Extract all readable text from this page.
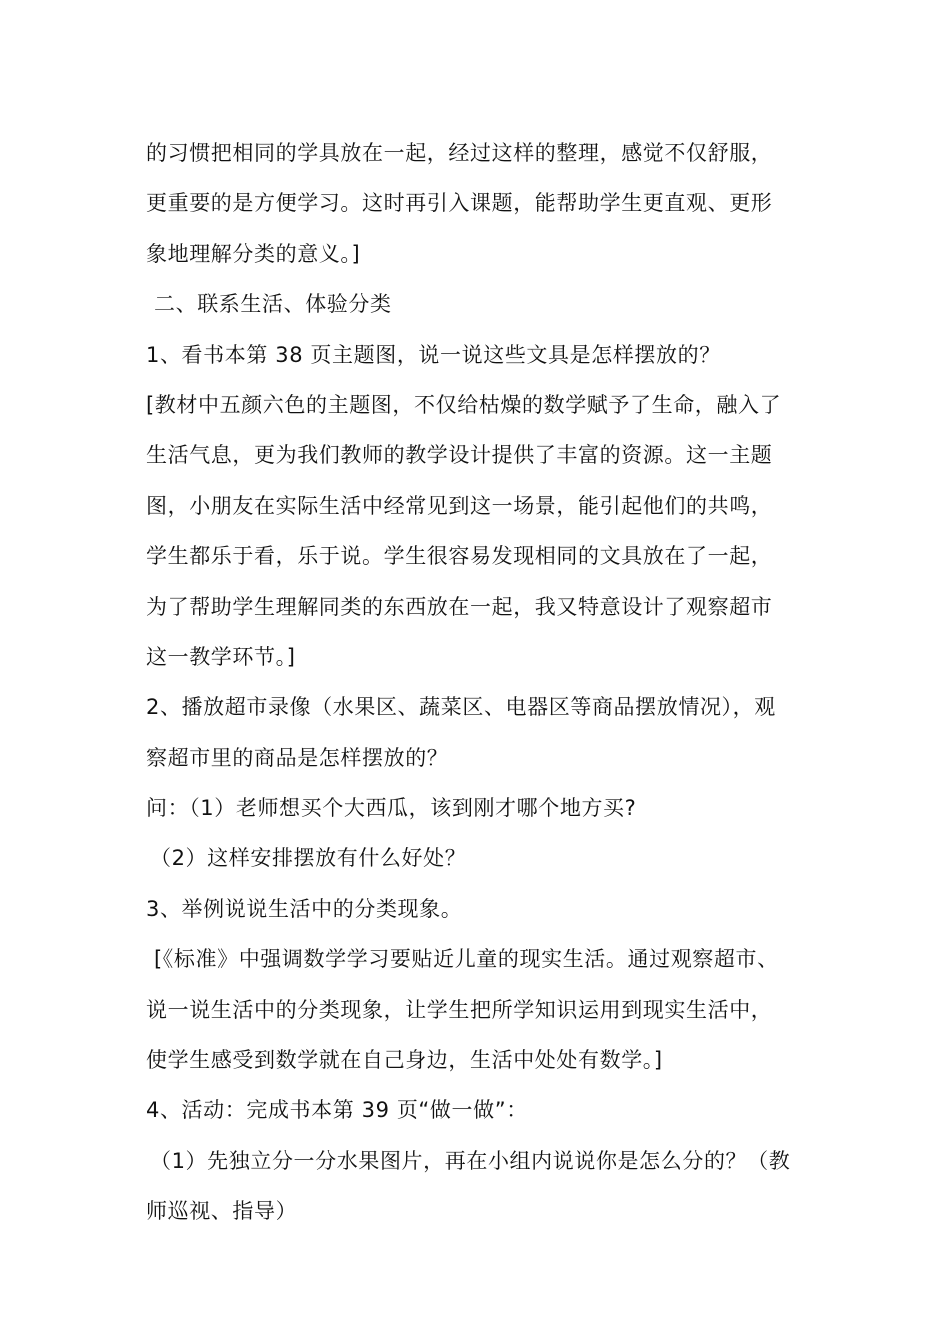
的习惯把相同的学具放在一起，经过这样的整理，感觉不仅舒服，
更重要的是方便学习。这时再引入课题，能帮助学生更直观、更形
象地理解分类的意义。]
二、联系生活、体验分类
1、看书本第 38 页主题图，说一说这些文具是怎样摆放的？
[教材中五颜六色的主题图，不仅给枯燥的数学赋予了生命，融入了
生活气息，更为我们教师的教学设计提供了丰富的资源。这一主题
图，小朋友在实际生活中经常见到这一场景，能引起他们的共鸣，
学生都乐于看，乐于说。学生很容易发现相同的文具放在了一起，
为了帮助学生理解同类的东西放在一起，我又特意设计了观察超市
这一教学环节。]
2、播放超市录像（水果区、蔬菜区、电器区等商品摆放情况），观
察超市里的商品是怎样摆放的？
问：（1）老师想买个大西瓜，该到刚才哪个地方买?
（2）这样安排摆放有什么好处？
3、举例说说生活中的分类现象。
[《标准》中强调数学学习要贴近儿童的现实生活。通过观察超市、
说一说生活中的分类现象，让学生把所学知识运用到现实生活中，
使学生感受到数学就在自己身边，生活中处处有数学。]
4、活动：完成书本第 39 页“做一做”：
（1）先独立分一分水果图片，再在小组内说说你是怎么分的？（教
师巡视、指导）
